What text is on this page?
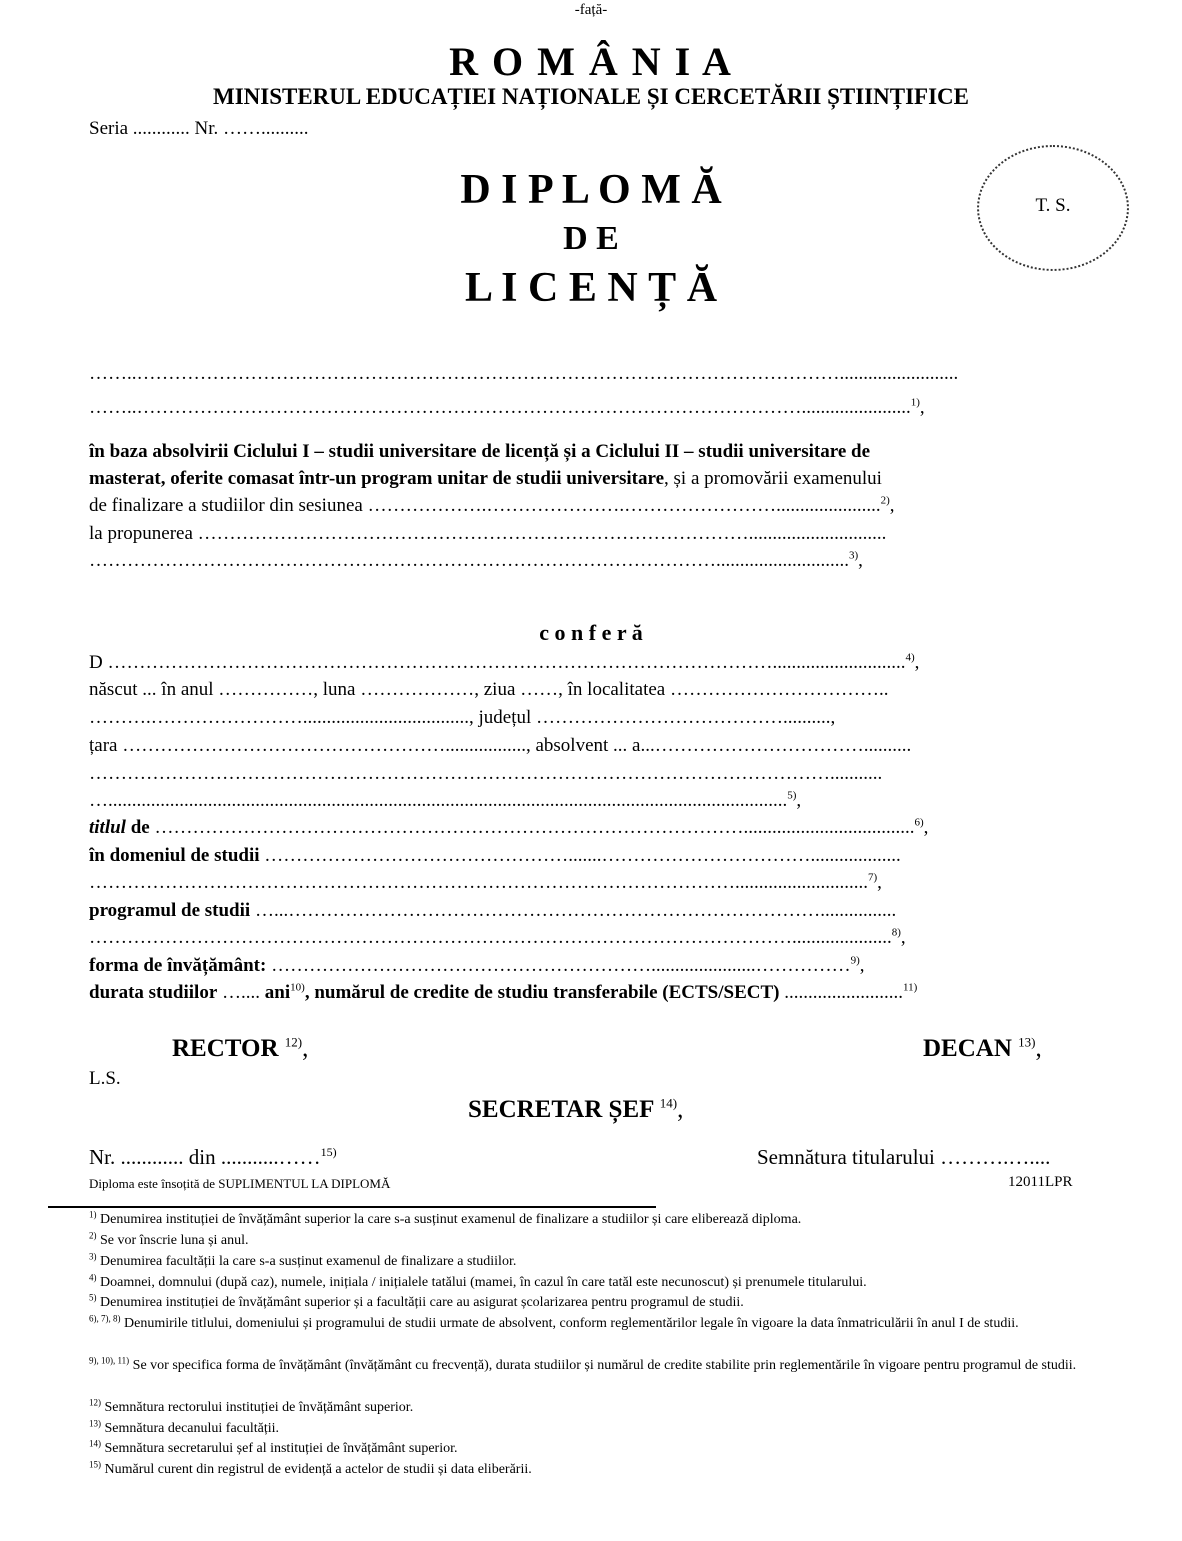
-față-
R O M Â N I A
MINISTERUL EDUCAȚIEI NAȚIONALE ȘI CERCETĂRII ȘTIINȚIFICE
Seria ............ Nr. ……..........
D I P L O M Ă
D E
L I C E N Ț Ă
T. S.
……..………………………………………………………………………………………………….........................
……..…………………………………………………………………………………………….......................$^{1)}$,
în baza absolvirii Ciclului I – studii universitare de licență și a Ciclului II – studii universitare de
masterat, oferite comasat într-un program unitar de studii universitare, și a promovării examenului
de finalizare a studiilor din sesiunea ……………….………………….……………………......................$^{2)}$,
la propunerea …………………………………………………………………………….............................
………………………………………………………………………………………............................$^{3)}$,
c o n f e r ă
D ……………………………………………………………………………………………............................$^{4)}$,
născut ... în anul ……………, luna ………………, ziua ……, în localitatea ……………………………..
……….……………………..................................., județul …………………………………..........,
țara ……………………………………………................., absolvent ... a...……………………………..........
………………………………………………………………………………………………………...........
…...............................................................................................................................................$^{5)}$,
titlul de …………………………………………………………………………………....................................$^{6)}$,
în domeniul de studii ………………………………………….......……………………………...................
…………………………………………………………………………………………............................$^{7)}$,
programul de studii …...…………………………………………………………………………................
………………………………………………………………………………………………….....................$^{8)}$,
forma de învățământ: ……………………………………………………......................……………$^{9)}$,
durata studiilor ….... ani$^{10)}$, numărul de credite de studiu transferabile (ECTS/SECT) .........................$^{11)}$
RECTOR $^{12)}$,	DECAN $^{13)}$,
L.S.
SECRETAR ȘEF $^{14)}$,
Nr. ............ din ...........……$^{15)}$	Semnătura titularului ……….…....
Diploma este însoțită de SUPLIMENTUL LA DIPLOMĂ	12011LPR
$^{1)}$ Denumirea instituției de învățământ superior la care s-a susținut examenul de finalizare a studiilor și care eliberează diploma.
$^{2)}$ Se vor înscrie luna și anul.
$^{3)}$ Denumirea facultății la care s-a susținut examenul de finalizare a studiilor.
$^{4)}$ Doamnei, domnului (după caz), numele, inițiala / inițialele tatălui (mamei, în cazul în care tatăl este necunoscut) și prenumele titularului.
$^{5)}$ Denumirea instituției de învățământ superior și a facultății care au asigurat școlarizarea pentru programul de studii.
$^{6), 7), 8)}$ Denumirile titlului, domeniului și programului de studii urmate de absolvent, conform reglementărilor legale în vigoare la data înmatriculării în anul I de studii.
$^{9), 10), 11)}$ Se vor specifica forma de învățământ (învățământ cu frecvență), durata studiilor și numărul de credite stabilite prin reglementările în vigoare pentru programul de studii.
$^{12)}$ Semnătura rectorului instituției de învățământ superior.
$^{13)}$ Semnătura decanului facultății.
$^{14)}$ Semnătura secretarului șef al instituției de învățământ superior.
$^{15)}$ Numărul curent din registrul de evidență a actelor de studii și data eliberării.
